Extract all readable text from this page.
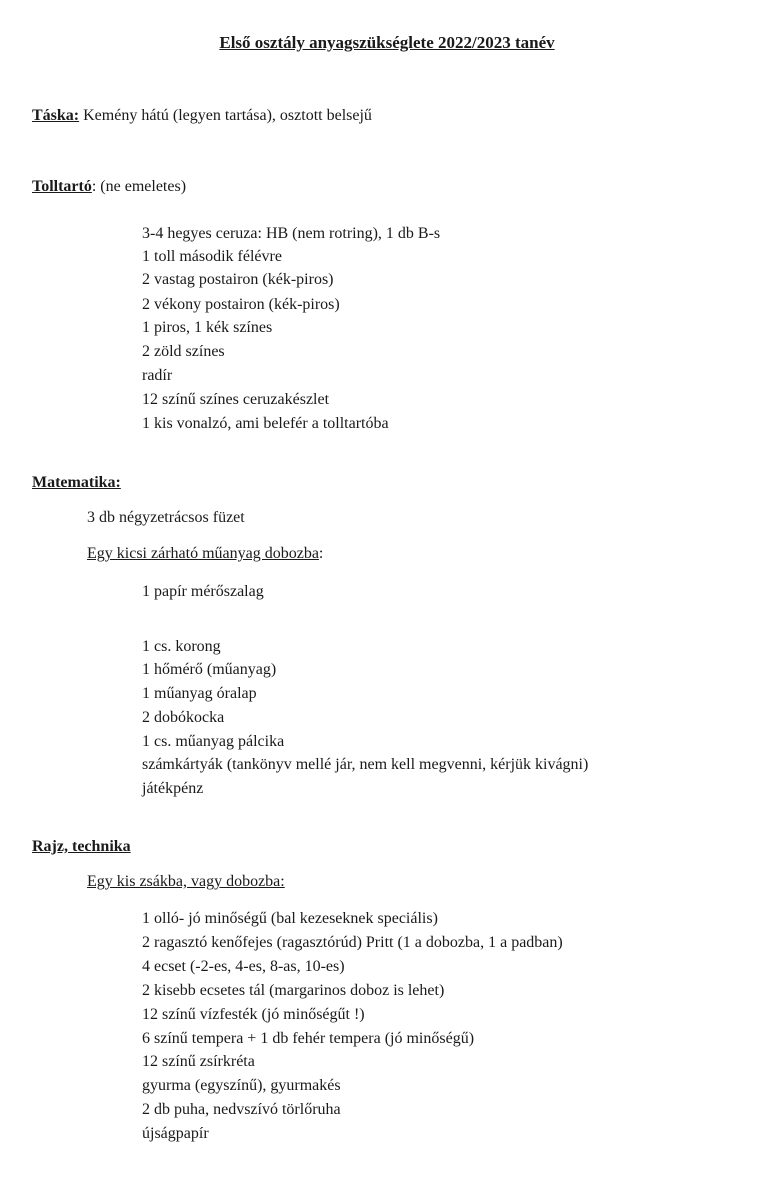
Első osztály anyagszükséglete 2022/2023 tanév
Táska: Kemény hátú (legyen tartása), osztott belsejű
Tolltartó: (ne emeletes)
3-4 hegyes ceruza: HB (nem rotring), 1 db B-s
1 toll második félévre
2 vastag postairon (kék-piros)
2 vékony postairon (kék-piros)
1 piros, 1 kék színes
2 zöld színes
radír
12 színű színes ceruzakészlet
1 kis vonalzó, ami belefér a tolltartóba
Matematika:
3 db négyzetrácsos füzet
Egy kicsi zárható műanyag dobozba:
1 papír mérőszalag
1 cs. korong
1 hőmérő (műanyag)
1 műanyag óralap
2 dobókocka
1 cs. műanyag pálcika
számkártyák (tankönyv mellé jár, nem kell megvenni, kérjük kivágni)
játékpénz
Rajz, technika
Egy kis zsákba, vagy dobozba:
1 olló- jó minőségű (bal kezeseknek speciális)
2 ragasztó kenőfejes (ragasztórúd) Pritt (1 a dobozba, 1 a padban)
4 ecset (-2-es, 4-es, 8-as, 10-es)
2 kisebb ecsetes tál (margarinos doboz is lehet)
12 színű vízfesték (jó minőségűt !)
6 színű tempera + 1 db fehér tempera (jó minőségű)
12 színű zsírkréta
gyurma (egyszínű), gyurmakés
2 db puha, nedvszívó törlőruha
újságpapír
